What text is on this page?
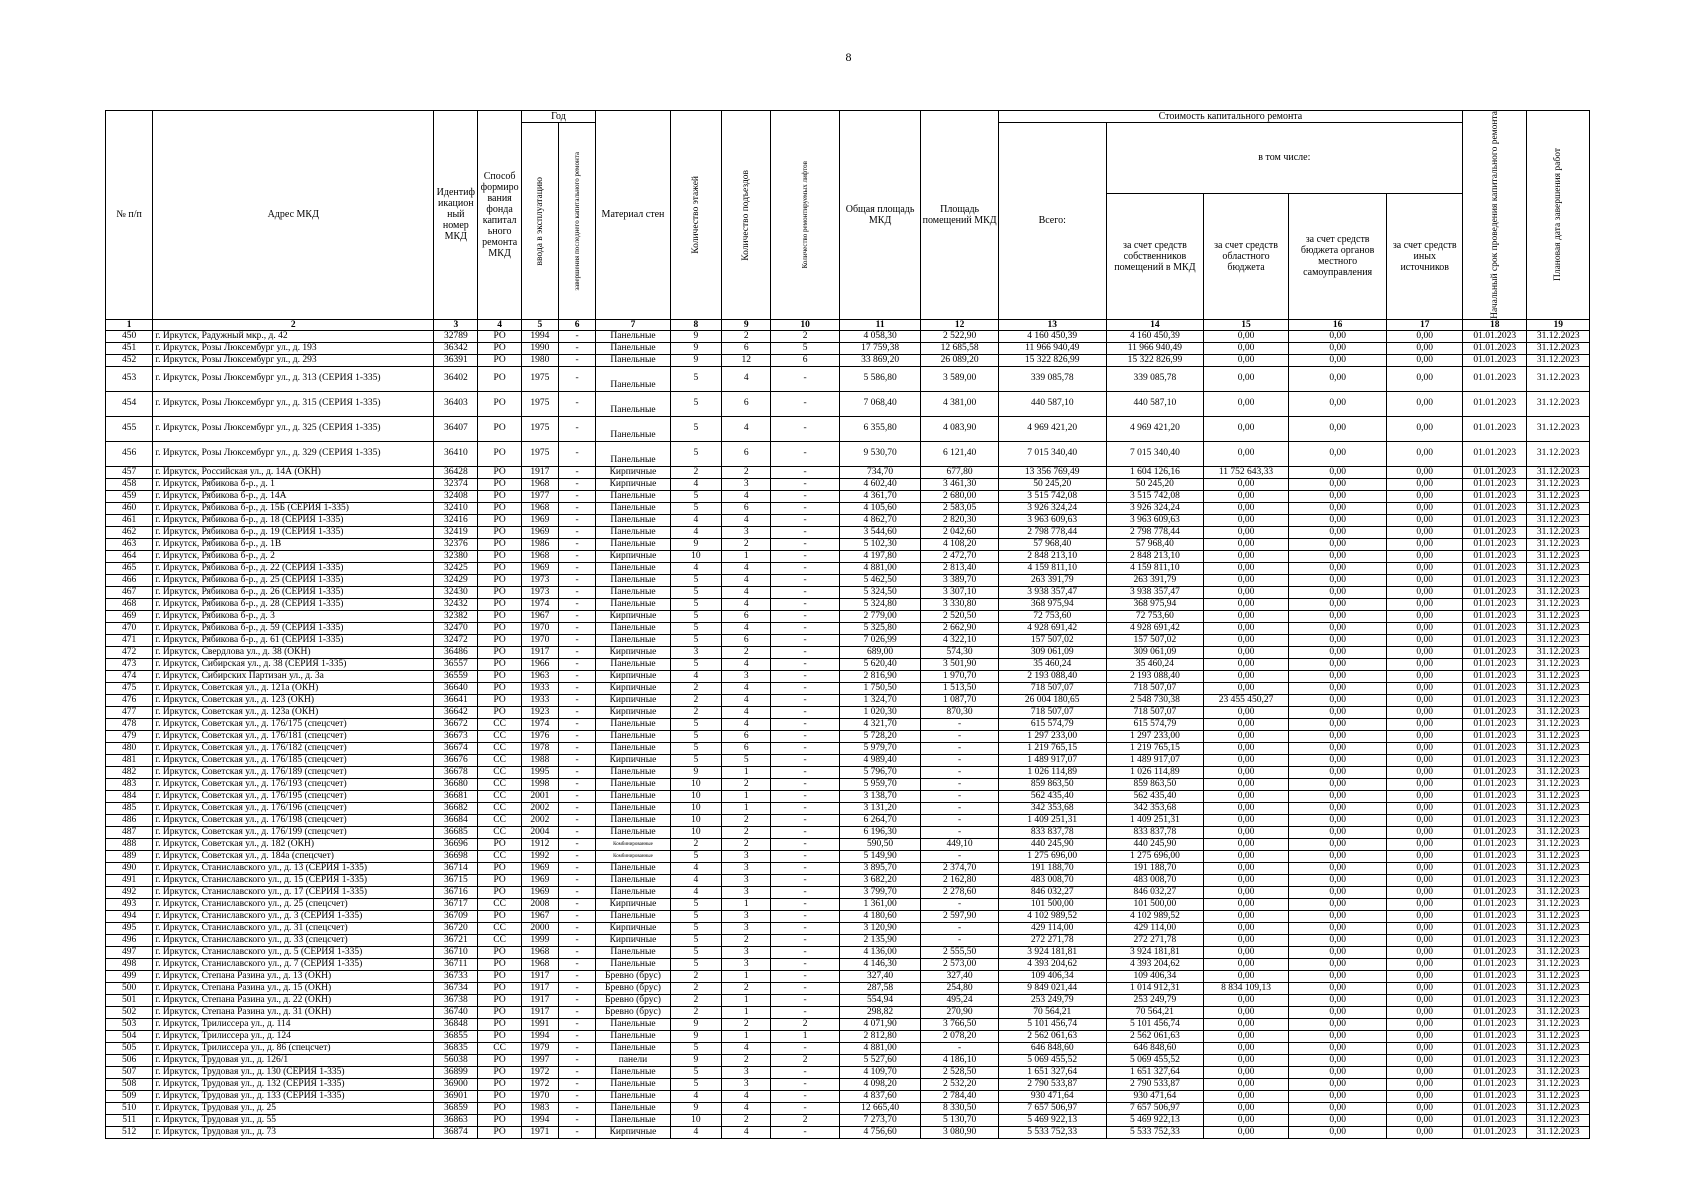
8
№ п/п	Адрес МКД	Идентиф икацион ный номер МКД	Способ формиро вания фонда капитал ьного ремонта МКД	Год		Материал стен	Количество этажей	Количество подъездов	Количество ремонтируемых лифтов	Общая площадь МКД	Площадь помещений МКД	Стоимость капитального ремонта					Начальный срок проведения капитального ремонта	Плановая дата завершения работ

				ввода в эксплуатацию	завершения последнего капитального ремонта							Всего:	в том числе:					
													за счет средств собственников помещений в МКД	за счет средств областного бюджета	за счет средств бюджета органов местного самоуправления	за счет средств иных источников		
1	2	3	4	5	6	7	8	9	10	11	12	13	14	15	16	17	18	19
450	г. Иркутск, Радужный мкр., д. 42	32789	РО	1994	-	Панельные	9	2	2	4 058,30	2 522,90	4 160 450,39	4 160 450,39	0,00	0,00	0,00	01.01.2023	31.12.2023
451	г. Иркутск, Розы Люксембург ул., д. 193	36342	РО	1990	-	Панельные	9	6	5	17 759,38	12 685,58	11 966 940,49	11 966 940,49	0,00	0,00	0,00	01.01.2023	31.12.2023
452	г. Иркутск, Розы Люксембург ул., д. 293	36391	РО	1980	-	Панельные	9	12	6	33 869,20	26 089,20	15 322 826,99	15 322 826,99	0,00	0,00	0,00	01.01.2023	31.12.2023
453	г. Иркутск, Розы Люксембург ул., д. 313 (СЕРИЯ 1-335)	36402	РО	1975	-	Панельные	5	4	-	5 586,80	3 589,00	339 085,78	339 085,78	0,00	0,00	0,00	01.01.2023	31.12.2023
454	г. Иркутск, Розы Люксембург ул., д. 315 (СЕРИЯ 1-335)	36403	РО	1975	-	Панельные	5	6	-	7 068,40	4 381,00	440 587,10	440 587,10	0,00	0,00	0,00	01.01.2023	31.12.2023
455	г. Иркутск, Розы Люксембург ул., д. 325 (СЕРИЯ 1-335)	36407	РО	1975	-	Панельные	5	4	-	6 355,80	4 083,90	4 969 421,20	4 969 421,20	0,00	0,00	0,00	01.01.2023	31.12.2023
456	г. Иркутск, Розы Люксембург ул., д. 329 (СЕРИЯ 1-335)	36410	РО	1975	-	Панельные	5	6	-	9 530,70	6 121,40	7 015 340,40	7 015 340,40	0,00	0,00	0,00	01.01.2023	31.12.2023
457	г. Иркутск, Российская ул., д. 14А (ОКН)	36428	РО	1917	-	Кирпичные	2	2	-	734,70	677,80	13 356 769,49	1 604 126,16	11 752 643,33	0,00	0,00	01.01.2023	31.12.2023
458	г. Иркутск, Рябикова б-р., д. 1	32374	РО	1968	-	Кирпичные	4	3	-	4 602,40	3 461,30	50 245,20	50 245,20	0,00	0,00	0,00	01.01.2023	31.12.2023
459	г. Иркутск, Рябикова б-р., д. 14А	32408	РО	1977	-	Панельные	5	4	-	4 361,70	2 680,00	3 515 742,08	3 515 742,08	0,00	0,00	0,00	01.01.2023	31.12.2023
460	г. Иркутск, Рябикова б-р., д. 15Б (СЕРИЯ 1-335)	32410	РО	1968	-	Панельные	5	6	-	4 105,60	2 583,05	3 926 324,24	3 926 324,24	0,00	0,00	0,00	01.01.2023	31.12.2023
461	г. Иркутск, Рябикова б-р., д. 18 (СЕРИЯ 1-335)	32416	РО	1969	-	Панельные	4	4	-	4 862,70	2 820,30	3 963 609,63	3 963 609,63	0,00	0,00	0,00	01.01.2023	31.12.2023
462	г. Иркутск, Рябикова б-р., д. 19 (СЕРИЯ 1-335)	32419	РО	1969	-	Панельные	4	3	-	3 544,60	2 042,60	2 798 778,44	2 798 778,44	0,00	0,00	0,00	01.01.2023	31.12.2023
463	г. Иркутск, Рябикова б-р., д. 1В	32376	РО	1986	-	Панельные	9	2	-	5 102,30	4 108,20	57 968,40	57 968,40	0,00	0,00	0,00	01.01.2023	31.12.2023
464	г. Иркутск, Рябикова б-р., д. 2	32380	РО	1968	-	Кирпичные	10	1	-	4 197,80	2 472,70	2 848 213,10	2 848 213,10	0,00	0,00	0,00	01.01.2023	31.12.2023
465	г. Иркутск, Рябикова б-р., д. 22 (СЕРИЯ 1-335)	32425	РО	1969	-	Панельные	4	4	-	4 881,00	2 813,40	4 159 811,10	4 159 811,10	0,00	0,00	0,00	01.01.2023	31.12.2023
466	г. Иркутск, Рябикова б-р., д. 25 (СЕРИЯ 1-335)	32429	РО	1973	-	Панельные	5	4	-	5 462,50	3 389,70	263 391,79	263 391,79	0,00	0,00	0,00	01.01.2023	31.12.2023
467	г. Иркутск, Рябикова б-р., д. 26 (СЕРИЯ 1-335)	32430	РО	1973	-	Панельные	5	4	-	5 324,50	3 307,10	3 938 357,47	3 938 357,47	0,00	0,00	0,00	01.01.2023	31.12.2023
468	г. Иркутск, Рябикова б-р., д. 28 (СЕРИЯ 1-335)	32432	РО	1974	-	Панельные	5	4	-	5 324,80	3 330,80	368 975,94	368 975,94	0,00	0,00	0,00	01.01.2023	31.12.2023
469	г. Иркутск, Рябикова б-р., д. 3	32382	РО	1967	-	Кирпичные	5	6	-	2 779,00	2 520,50	72 753,60	72 753,60	0,00	0,00	0,00	01.01.2023	31.12.2023
470	г. Иркутск, Рябикова б-р., д. 59 (СЕРИЯ 1-335)	32470	РО	1970	-	Панельные	5	4	-	5 325,80	2 662,90	4 928 691,42	4 928 691,42	0,00	0,00	0,00	01.01.2023	31.12.2023
471	г. Иркутск, Рябикова б-р., д. 61 (СЕРИЯ 1-335)	32472	РО	1970	-	Панельные	5	6	-	7 026,99	4 322,10	157 507,02	157 507,02	0,00	0,00	0,00	01.01.2023	31.12.2023
472	г. Иркутск, Свердлова ул., д. 38 (ОКН)	36486	РО	1917	-	Кирпичные	3	2	-	689,00	574,30	309 061,09	309 061,09	0,00	0,00	0,00	01.01.2023	31.12.2023
473	г. Иркутск, Сибирская ул., д. 38 (СЕРИЯ 1-335)	36557	РО	1966	-	Панельные	5	4	-	5 620,40	3 501,90	35 460,24	35 460,24	0,00	0,00	0,00	01.01.2023	31.12.2023
474	г. Иркутск, Сибирских Партизан ул., д. 3а	36559	РО	1963	-	Кирпичные	4	3	-	2 816,90	1 970,70	2 193 088,40	2 193 088,40	0,00	0,00	0,00	01.01.2023	31.12.2023
475	г. Иркутск, Советская ул., д. 121а (ОКН)	36640	РО	1933	-	Кирпичные	2	4	-	1 750,50	1 513,50	718 507,07	718 507,07	0,00	0,00	0,00	01.01.2023	31.12.2023
476	г. Иркутск, Советская ул., д. 123 (ОКН)	36641	РО	1933	-	Кирпичные	2	4	-	1 324,70	1 087,70	26 004 180,65	2 548 730,38	23 455 450,27	0,00	0,00	01.01.2023	31.12.2023
477	г. Иркутск, Советская ул., д. 123а (ОКН)	36642	РО	1923	-	Кирпичные	2	4	-	1 020,30	870,30	718 507,07	718 507,07	0,00	0,00	0,00	01.01.2023	31.12.2023
478	г. Иркутск, Советская ул., д. 176/175 (спецсчет)	36672	СС	1974	-	Панельные	5	4	-	4 321,70	-	615 574,79	615 574,79	0,00	0,00	0,00	01.01.2023	31.12.2023
479	г. Иркутск, Советская ул., д. 176/181 (спецсчет)	36673	СС	1976	-	Панельные	5	6	-	5 728,20	-	1 297 233,00	1 297 233,00	0,00	0,00	0,00	01.01.2023	31.12.2023
480	г. Иркутск, Советская ул., д. 176/182 (спецсчет)	36674	СС	1978	-	Панельные	5	6	-	5 979,70	-	1 219 765,15	1 219 765,15	0,00	0,00	0,00	01.01.2023	31.12.2023
481	г. Иркутск, Советская ул., д. 176/185 (спецсчет)	36676	СС	1988	-	Кирпичные	5	5	-	4 989,40	-	1 489 917,07	1 489 917,07	0,00	0,00	0,00	01.01.2023	31.12.2023
482	г. Иркутск, Советская ул., д. 176/189 (спецсчет)	36678	СС	1995	-	Панельные	9	1	-	5 796,70	-	1 026 114,89	1 026 114,89	0,00	0,00	0,00	01.01.2023	31.12.2023
483	г. Иркутск, Советская ул., д. 176/193 (спецсчет)	36680	СС	1998	-	Панельные	10	2	-	5 959,70	-	859 863,50	859 863,50	0,00	0,00	0,00	01.01.2023	31.12.2023
484	г. Иркутск, Советская ул., д. 176/195 (спецсчет)	36681	СС	2001	-	Панельные	10	1	-	3 138,70	-	562 435,40	562 435,40	0,00	0,00	0,00	01.01.2023	31.12.2023
485	г. Иркутск, Советская ул., д. 176/196 (спецсчет)	36682	СС	2002	-	Панельные	10	1	-	3 131,20	-	342 353,68	342 353,68	0,00	0,00	0,00	01.01.2023	31.12.2023
486	г. Иркутск, Советская ул., д. 176/198 (спецсчет)	36684	СС	2002	-	Панельные	10	2	-	6 264,70	-	1 409 251,31	1 409 251,31	0,00	0,00	0,00	01.01.2023	31.12.2023
487	г. Иркутск, Советская ул., д. 176/199 (спецсчет)	36685	СС	2004	-	Панельные	10	2	-	6 196,30	-	833 837,78	833 837,78	0,00	0,00	0,00	01.01.2023	31.12.2023
488	г. Иркутск, Советская ул., д. 182 (ОКН)	36696	РО	1912	-	Комбинированные	2	2	-	590,50	449,10	440 245,90	440 245,90	0,00	0,00	0,00	01.01.2023	31.12.2023
489	г. Иркутск, Советская ул., д. 184а (спецсчет)	36698	СС	1992	-	Комбинированные	5	3	-	5 149,90	-	1 275 696,00	1 275 696,00	0,00	0,00	0,00	01.01.2023	31.12.2023
490	г. Иркутск, Станиславского ул., д. 13 (СЕРИЯ 1-335)	36714	РО	1969	-	Панельные	4	3	-	3 895,70	2 374,70	191 188,70	191 188,70	0,00	0,00	0,00	01.01.2023	31.12.2023
491	г. Иркутск, Станиславского ул., д. 15 (СЕРИЯ 1-335)	36715	РО	1969	-	Панельные	4	3	-	3 682,20	2 162,80	483 008,70	483 008,70	0,00	0,00	0,00	01.01.2023	31.12.2023
492	г. Иркутск, Станиславского ул., д. 17 (СЕРИЯ 1-335)	36716	РО	1969	-	Панельные	4	3	-	3 799,70	2 278,60	846 032,27	846 032,27	0,00	0,00	0,00	01.01.2023	31.12.2023
493	г. Иркутск, Станиславского ул., д. 25 (спецсчет)	36717	СС	2008	-	Кирпичные	5	1	-	1 361,00	-	101 500,00	101 500,00	0,00	0,00	0,00	01.01.2023	31.12.2023
494	г. Иркутск, Станиславского ул., д. 3 (СЕРИЯ 1-335)	36709	РО	1967	-	Панельные	5	3	-	4 180,60	2 597,90	4 102 989,52	4 102 989,52	0,00	0,00	0,00	01.01.2023	31.12.2023
495	г. Иркутск, Станиславского ул., д. 31 (спецсчет)	36720	СС	2000	-	Кирпичные	5	3	-	3 120,90	-	429 114,00	429 114,00	0,00	0,00	0,00	01.01.2023	31.12.2023
496	г. Иркутск, Станиславского ул., д. 33 (спецсчет)	36721	СС	1999	-	Кирпичные	5	2	-	2 135,90	-	272 271,78	272 271,78	0,00	0,00	0,00	01.01.2023	31.12.2023
497	г. Иркутск, Станиславского ул., д. 5 (СЕРИЯ 1-335)	36710	РО	1968	-	Панельные	5	3	-	4 136,00	2 555,50	3 924 181,81	3 924 181,81	0,00	0,00	0,00	01.01.2023	31.12.2023
498	г. Иркутск, Станиславского ул., д. 7 (СЕРИЯ 1-335)	36711	РО	1968	-	Панельные	5	3	-	4 146,30	2 573,00	4 393 204,62	4 393 204,62	0,00	0,00	0,00	01.01.2023	31.12.2023
499	г. Иркутск, Степана Разина ул., д. 13 (ОКН)	36733	РО	1917	-	Бревно (брус)	2	1	-	327,40	327,40	109 406,34	109 406,34	0,00	0,00	0,00	01.01.2023	31.12.2023
500	г. Иркутск, Степана Разина ул., д. 15 (ОКН)	36734	РО	1917	-	Бревно (брус)	2	2	-	287,58	254,80	9 849 021,44	1 014 912,31	8 834 109,13	0,00	0,00	01.01.2023	31.12.2023
501	г. Иркутск, Степана Разина ул., д. 22 (ОКН)	36738	РО	1917	-	Бревно (брус)	2	1	-	554,94	495,24	253 249,79	253 249,79	0,00	0,00	0,00	01.01.2023	31.12.2023
502	г. Иркутск, Степана Разина ул., д. 31 (ОКН)	36740	РО	1917	-	Бревно (брус)	2	1	-	298,82	270,90	70 564,21	70 564,21	0,00	0,00	0,00	01.01.2023	31.12.2023
503	г. Иркутск, Трилиссера ул., д. 114	36848	РО	1991	-	Панельные	9	2	2	4 071,90	3 766,50	5 101 456,74	5 101 456,74	0,00	0,00	0,00	01.01.2023	31.12.2023
504	г. Иркутск, Трилиссера ул., д. 124	36855	РО	1994	-	Панельные	9	1	1	2 812,80	2 078,20	2 562 061,63	2 562 061,63	0,00	0,00	0,00	01.01.2023	31.12.2023
505	г. Иркутск, Трилиссера ул., д. 86 (спецсчет)	36835	СС	1979	-	Панельные	5	4	-	4 881,00	-	646 848,60	646 848,60	0,00	0,00	0,00	01.01.2023	31.12.2023
506	г. Иркутск, Трудовая ул., д. 126/1	56038	РО	1997	-	панели	9	2	2	5 527,60	4 186,10	5 069 455,52	5 069 455,52	0,00	0,00	0,00	01.01.2023	31.12.2023
507	г. Иркутск, Трудовая ул., д. 130 (СЕРИЯ 1-335)	36899	РО	1972	-	Панельные	5	3	-	4 109,70	2 528,50	1 651 327,64	1 651 327,64	0,00	0,00	0,00	01.01.2023	31.12.2023
508	г. Иркутск, Трудовая ул., д. 132 (СЕРИЯ 1-335)	36900	РО	1972	-	Панельные	5	3	-	4 098,20	2 532,20	2 790 533,87	2 790 533,87	0,00	0,00	0,00	01.01.2023	31.12.2023
509	г. Иркутск, Трудовая ул., д. 133 (СЕРИЯ 1-335)	36901	РО	1970	-	Панельные	4	4	-	4 837,60	2 784,40	930 471,64	930 471,64	0,00	0,00	0,00	01.01.2023	31.12.2023
510	г. Иркутск, Трудовая ул., д. 25	36859	РО	1983	-	Панельные	9	4	-	12 665,40	8 330,50	7 657 506,97	7 657 506,97	0,00	0,00	0,00	01.01.2023	31.12.2023
511	г. Иркутск, Трудовая ул., д. 55	36863	РО	1994	-	Панельные	10	2	2	7 273,70	5 130,70	5 469 922,13	5 469 922,13	0,00	0,00	0,00	01.01.2023	31.12.2023
512	г. Иркутск, Трудовая ул., д. 73	36874	РО	1971	-	Кирпичные	4	4	-	4 756,60	3 080,90	5 533 752,33	5 533 752,33	0,00	0,00	0,00	01.01.2023	31.12.2023
